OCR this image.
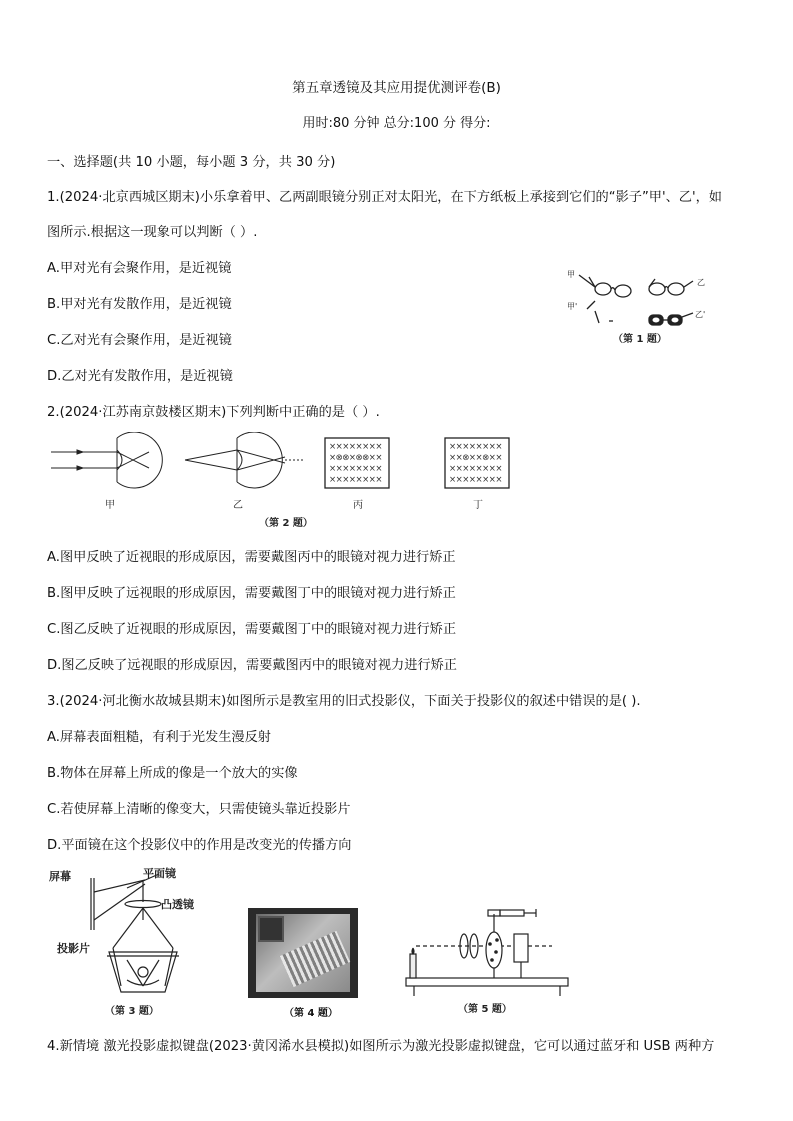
第五章透镜及其应用提优测评卷(B)
用时:80 分钟 总分:100 分 得分:
一、选择题(共 10 小题，每小题 3 分，共 30 分)
1.(2024·北京西城区期末)小乐拿着甲、乙两副眼镜分别正对太阳光，在下方纸板上承接到它们的“影子”甲'、乙'，如
图所示.根据这一现象可以判断（ ）.
A.甲对光有会聚作用，是近视镜
B.甲对光有发散作用，是近视镜
C.乙对光有会聚作用，是近视镜
D.乙对光有发散作用，是近视镜
甲
乙
甲'
乙'
（第 1 题）
2.(2024·江苏南京鼓楼区期末)下列判断中正确的是（ ）.
甲	乙
××××××××
×⊗⊗×⊗⊗××
××××××××
××××××××
丙
××××××××
××⊗××⊗××
××××××××
××××××××
丁
（第 2 题）
A.图甲反映了近视眼的形成原因，需要戴图丙中的眼镜对视力进行矫正
B.图甲反映了远视眼的形成原因，需要戴图丁中的眼镜对视力进行矫正
C.图乙反映了近视眼的形成原因，需要戴图丁中的眼镜对视力进行矫正
D.图乙反映了远视眼的形成原因，需要戴图丙中的眼镜对视力进行矫正
3.(2024·河北衡水故城县期末)如图所示是教室用的旧式投影仪，下面关于投影仪的叙述中错误的是( ).
A.屏幕表面粗糙，有利于光发生漫反射
B.物体在屏幕上所成的像是一个放大的实像
C.若使屏幕上清晰的像变大，只需使镜头靠近投影片
D.平面镜在这个投影仪中的作用是改变光的传播方向
屏幕	平面镜
凸透镜
投影片
（第 3 题）	（第 4 题）	（第 5 题）
4.新情境 激光投影虚拟键盘(2023·黄冈浠水县模拟)如图所示为激光投影虚拟键盘，它可以通过蓝牙和 USB 两种方
